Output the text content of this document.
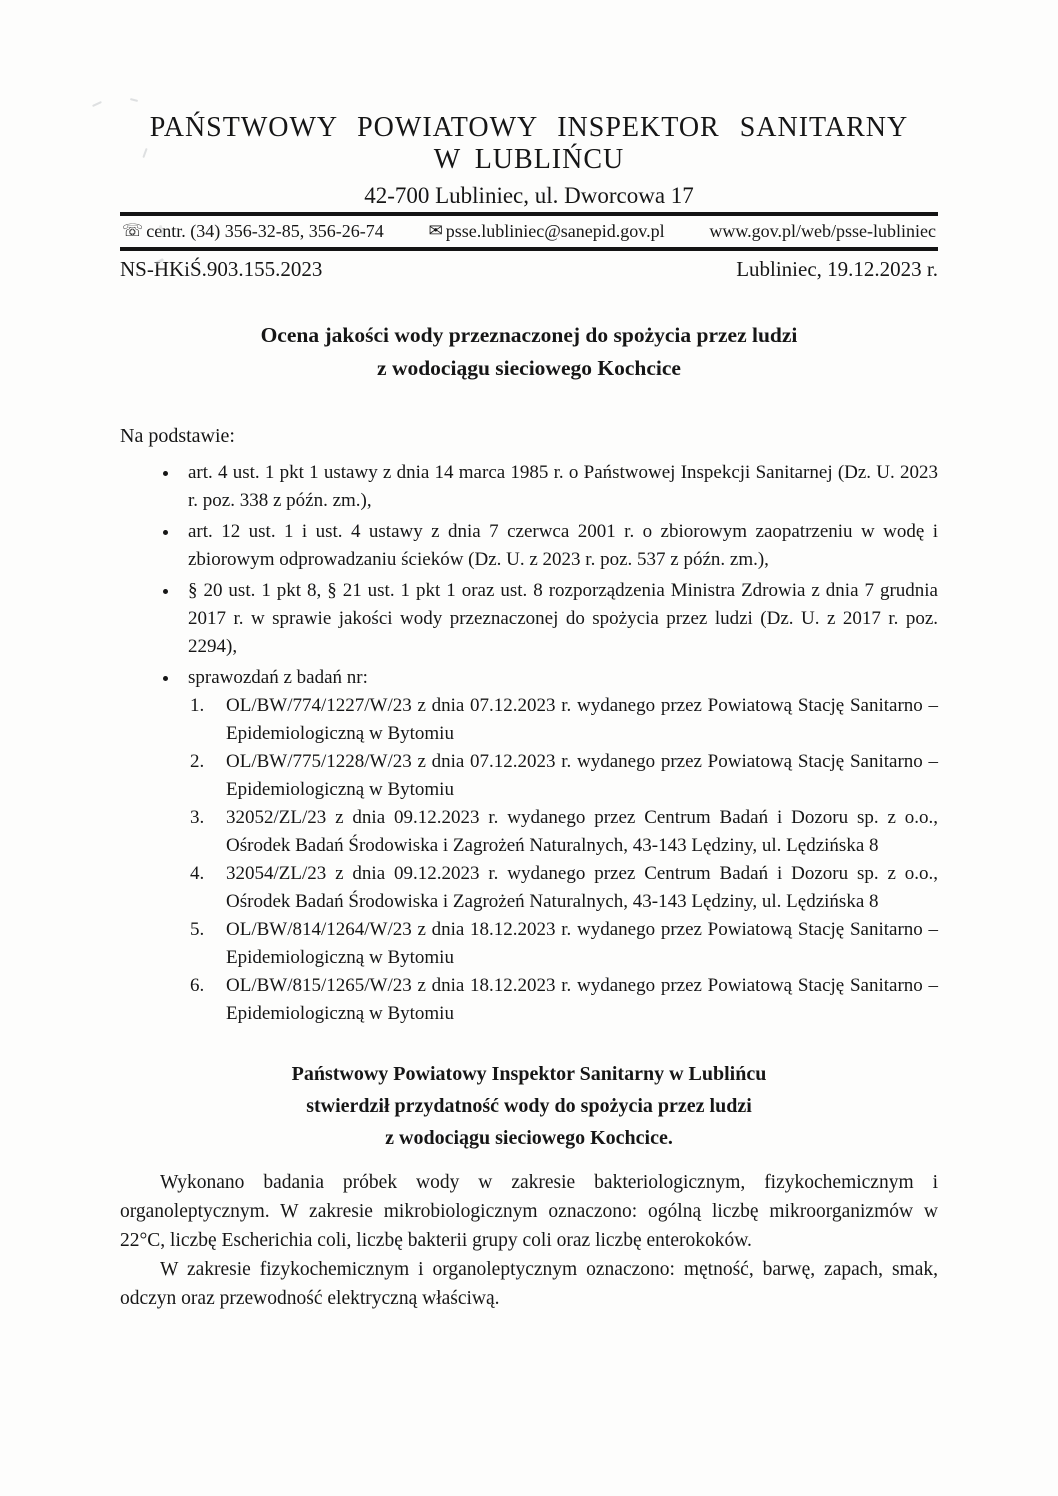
PAŃSTWOWY POWIATOWY INSPEKTOR SANITARNY
W LUBLIŃCU
42-700 Lubliniec, ul. Dworcowa 17
☏ centr. (34) 356-32-85, 356-26-74	✉ psse.lubliniec@sanepid.gov.pl www.gov.pl/web/psse-lubliniec
NS-HKiŚ.903.155.2023	Lubliniec, 19.12.2023 r.
Ocena jakości wody przeznaczonej do spożycia przez ludzi
z wodociągu sieciowego Kochcice
Na podstawie:
• art. 4 ust. 1 pkt 1 ustawy z dnia 14 marca 1985 r. o Państwowej Inspekcji Sanitarnej (Dz. U. 2023 r. poz. 338 z późn. zm.),
• art. 12 ust. 1 i ust. 4 ustawy z dnia 7 czerwca 2001 r. o zbiorowym zaopatrzeniu w wodę i zbiorowym odprowadzaniu ścieków (Dz. U. z 2023 r. poz. 537 z późn. zm.),
• § 20 ust. 1 pkt 8, § 21 ust. 1 pkt 1 oraz ust. 8 rozporządzenia Ministra Zdrowia z dnia 7 grudnia 2017 r. w sprawie jakości wody przeznaczonej do spożycia przez ludzi (Dz. U. z 2017 r. poz. 2294),
• sprawozdań z badań nr:
1. OL/BW/774/1227/W/23 z dnia 07.12.2023 r. wydanego przez Powiatową Stację Sanitarno – Epidemiologiczną w Bytomiu
2. OL/BW/775/1228/W/23 z dnia 07.12.2023 r. wydanego przez Powiatową Stację Sanitarno – Epidemiologiczną w Bytomiu
3. 32052/ZL/23 z dnia 09.12.2023 r. wydanego przez Centrum Badań i Dozoru sp. z o.o., Ośrodek Badań Środowiska i Zagrożeń Naturalnych, 43-143 Lędziny, ul. Lędzińska 8
4. 32054/ZL/23 z dnia 09.12.2023 r. wydanego przez Centrum Badań i Dozoru sp. z o.o., Ośrodek Badań Środowiska i Zagrożeń Naturalnych, 43-143 Lędziny, ul. Lędzińska 8
5. OL/BW/814/1264/W/23 z dnia 18.12.2023 r. wydanego przez Powiatową Stację Sanitarno – Epidemiologiczną w Bytomiu
6. OL/BW/815/1265/W/23 z dnia 18.12.2023 r. wydanego przez Powiatową Stację Sanitarno – Epidemiologiczną w Bytomiu
Państwowy Powiatowy Inspektor Sanitarny w Lublińcu
stwierdził przydatność wody do spożycia przez ludzi
z wodociągu sieciowego Kochcice.

Wykonano badania próbek wody w zakresie bakteriologicznym, fizykochemicznym i organoleptycznym. W zakresie mikrobiologicznym oznaczono: ogólną liczbę mikroorganizmów w 22°C, liczbę Escherichia coli, liczbę bakterii grupy coli oraz liczbę enterokoków.

W zakresie fizykochemicznym i organoleptycznym oznaczono: mętność, barwę, zapach, smak, odczyn oraz przewodność elektryczną właściwą.
